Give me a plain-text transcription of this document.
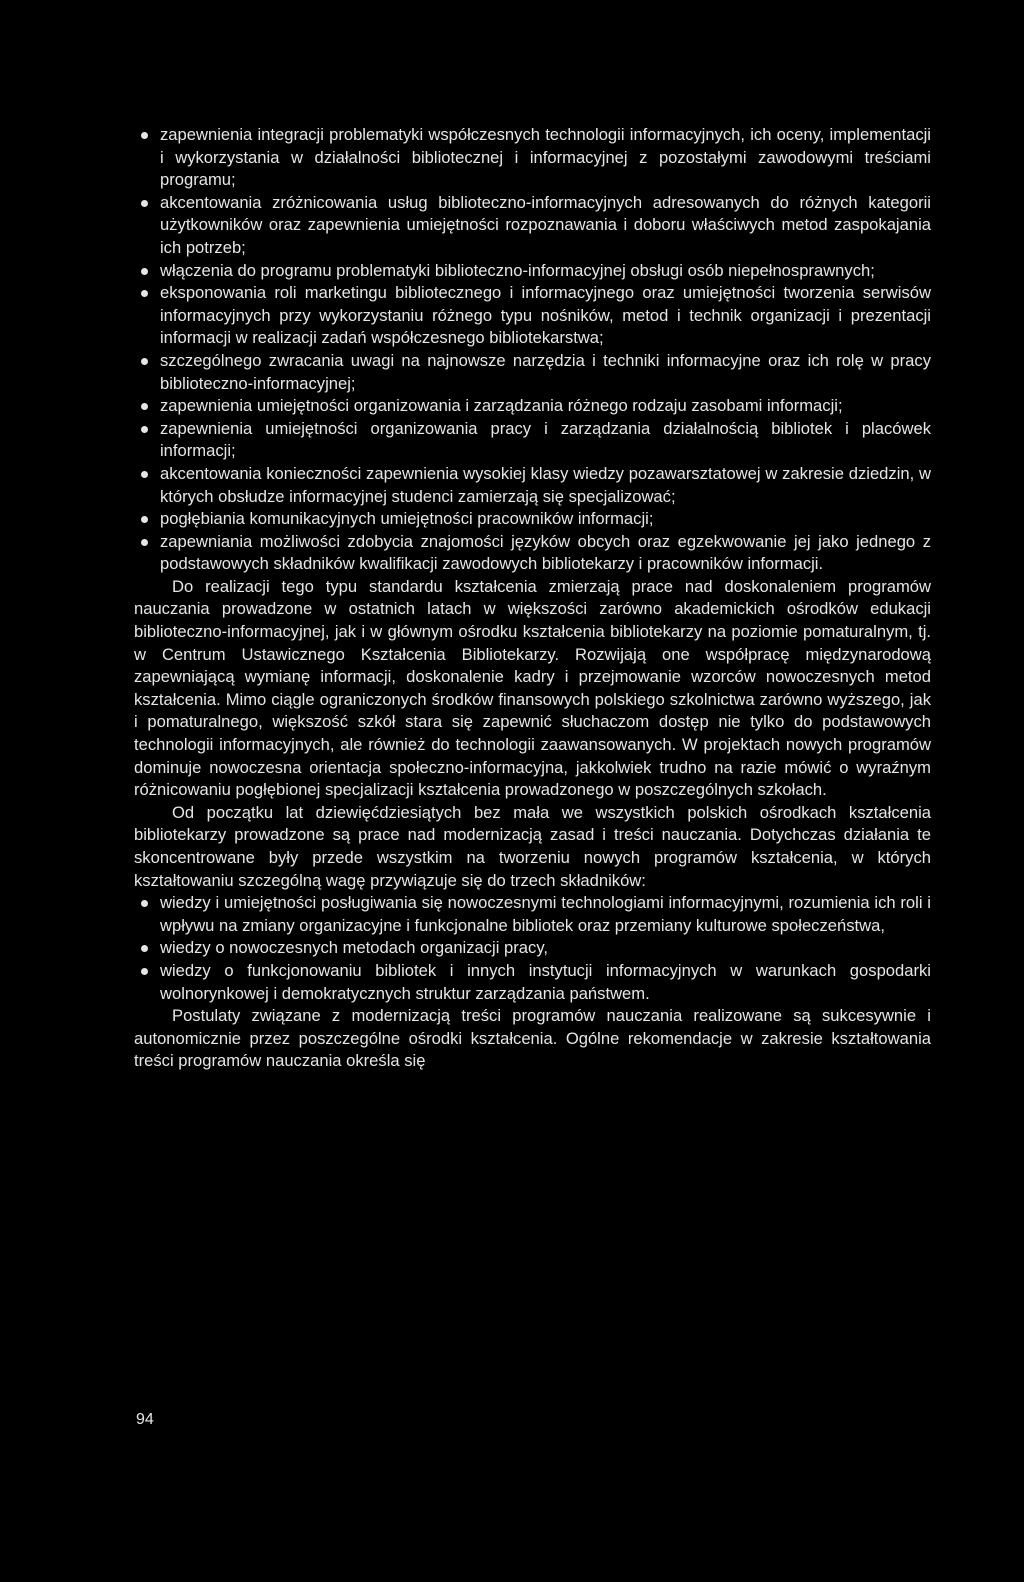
zapewnienia integracji problematyki współczesnych technologii informacyjnych, ich oceny, implementacji i wykorzystania w działalności bibliotecznej i informacyjnej z pozostałymi zawodowymi treściami programu;

akcentowania zróżnicowania usług biblioteczno-informacyjnych adresowanych do różnych kategorii użytkowników oraz zapewnienia umiejętności rozpoznawania i doboru właściwych metod zaspokajania ich potrzeb;

włączenia do programu problematyki biblioteczno-informacyjnej obsługi osób niepełnosprawnych;

eksponowania roli marketingu bibliotecznego i informacyjnego oraz umiejętności tworzenia serwisów informacyjnych przy wykorzystaniu różnego typu nośników, metod i technik organizacji i prezentacji informacji w realizacji zadań współczesnego bibliotekarstwa;

szczególnego zwracania uwagi na najnowsze narzędzia i techniki informacyjne oraz ich rolę w pracy biblioteczno-informacyjnej;

zapewnienia umiejętności organizowania i zarządzania różnego rodzaju zasobami informacji;

zapewnienia umiejętności organizowania pracy i zarządzania działalnością bibliotek i placówek informacji;

akcentowania konieczności zapewnienia wysokiej klasy wiedzy pozawarsztatowej w zakresie dziedzin, w których obsłudze informacyjnej studenci zamierzają się specjalizować;

pogłębiania komunikacyjnych umiejętności pracowników informacji;

zapewniania możliwości zdobycia znajomości języków obcych oraz egzekwowanie jej jako jednego z podstawowych składników kwalifikacji zawodowych bibliotekarzy i pracowników informacji.

Do realizacji tego typu standardu kształcenia zmierzają prace nad doskonaleniem programów nauczania prowadzone w ostatnich latach w większości zarówno akademickich ośrodków edukacji biblioteczno-informacyjnej, jak i w głównym ośrodku kształcenia bibliotekarzy na poziomie pomaturalnym, tj. w Centrum Ustawicznego Kształcenia Bibliotekarzy. Rozwijają one współpracę międzynarodową zapewniającą wymianę informacji, doskonalenie kadry i przejmowanie wzorców nowoczesnych metod kształcenia. Mimo ciągle ograniczonych środków finansowych polskiego szkolnictwa zarówno wyższego, jak i pomaturalnego, większość szkół stara się zapewnić słuchaczom dostęp nie tylko do podstawowych technologii informacyjnych, ale również do technologii zaawansowanych. W projektach nowych programów dominuje nowoczesna orientacja społeczno-informacyjna, jakkolwiek trudno na razie mówić o wyraźnym różnicowaniu pogłębionej specjalizacji kształcenia prowadzonego w poszczególnych szkołach.

Od początku lat dziewięćdziesiątych bez mała we wszystkich polskich ośrodkach kształcenia bibliotekarzy prowadzone są prace nad modernizacją zasad i treści nauczania. Dotychczas działania te skoncentrowane były przede wszystkim na tworzeniu nowych programów kształcenia, w których kształtowaniu szczególną wagę przywiązuje się do trzech składników:

wiedzy i umiejętności posługiwania się nowoczesnymi technologiami informacyjnymi, rozumienia ich roli i wpływu na zmiany organizacyjne i funkcjonalne bibliotek oraz przemiany kulturowe społeczeństwa,

wiedzy o nowoczesnych metodach organizacji pracy,

wiedzy o funkcjonowaniu bibliotek i innych instytucji informacyjnych w warunkach gospodarki wolnorynkowej i demokratycznych struktur zarządzania państwem.

Postulaty związane z modernizacją treści programów nauczania realizowane są sukcesywnie i autonomicznie przez poszczególne ośrodki kształcenia. Ogólne rekomendacje w zakresie kształtowania treści programów nauczania określa się

94
